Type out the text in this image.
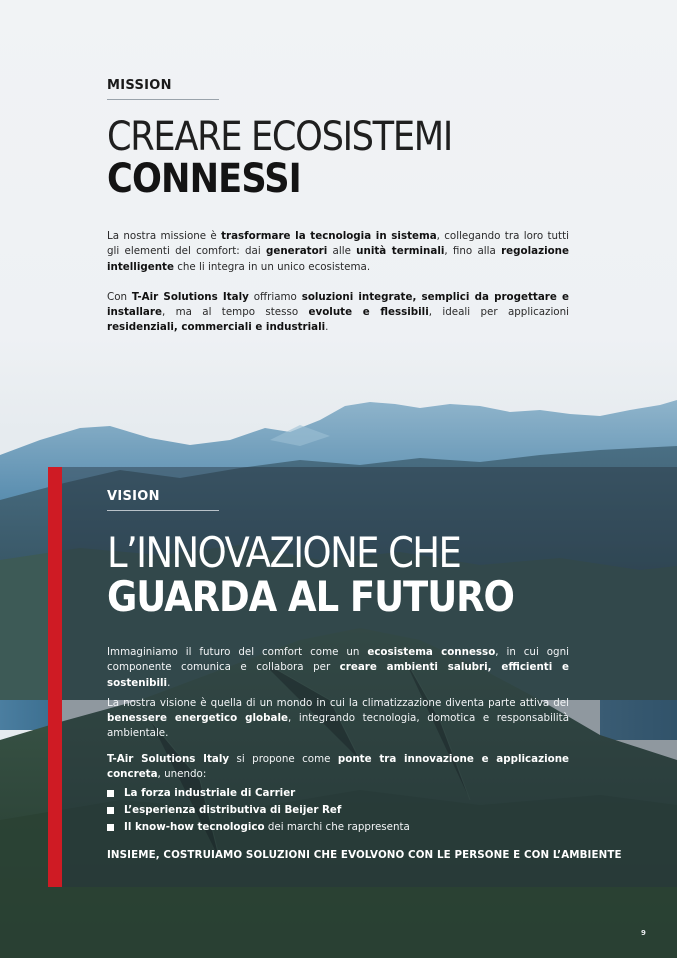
MISSION
CREARE ECOSISTEMI
CONNESSI

La nostra missione è trasformare la tecnologia in sistema, collegando tra loro tutti gli elementi del comfort: dai generatori alle unità terminali, fino alla regolazione intelligente che li integra in un unico ecosistema.

Con T-Air Solutions Italy offriamo soluzioni integrate, semplici da progettare e installare, ma al tempo stesso evolute e flessibili, ideali per applicazioni residenziali, commerciali e industriali.

VISION
L’INNOVAZIONE CHE
GUARDA AL FUTURO

Immaginiamo il futuro del comfort come un ecosistema connesso, in cui ogni componente comunica e collabora per creare ambienti salubri, efficienti e sostenibili.

La nostra visione è quella di un mondo in cui la climatizzazione diventa parte attiva del benessere energetico globale, integrando tecnologia, domotica e responsabilità ambientale.

T-Air Solutions Italy si propone come ponte tra innovazione e applicazione concreta, unendo:

La forza industriale di Carrier
L’esperienza distributiva di Beijer Ref
Il know-how tecnologico dei marchi che rappresenta
INSIEME, COSTRUIAMO SOLUZIONI CHE EVOLVONO CON LE PERSONE E CON L’AMBIENTE
9
